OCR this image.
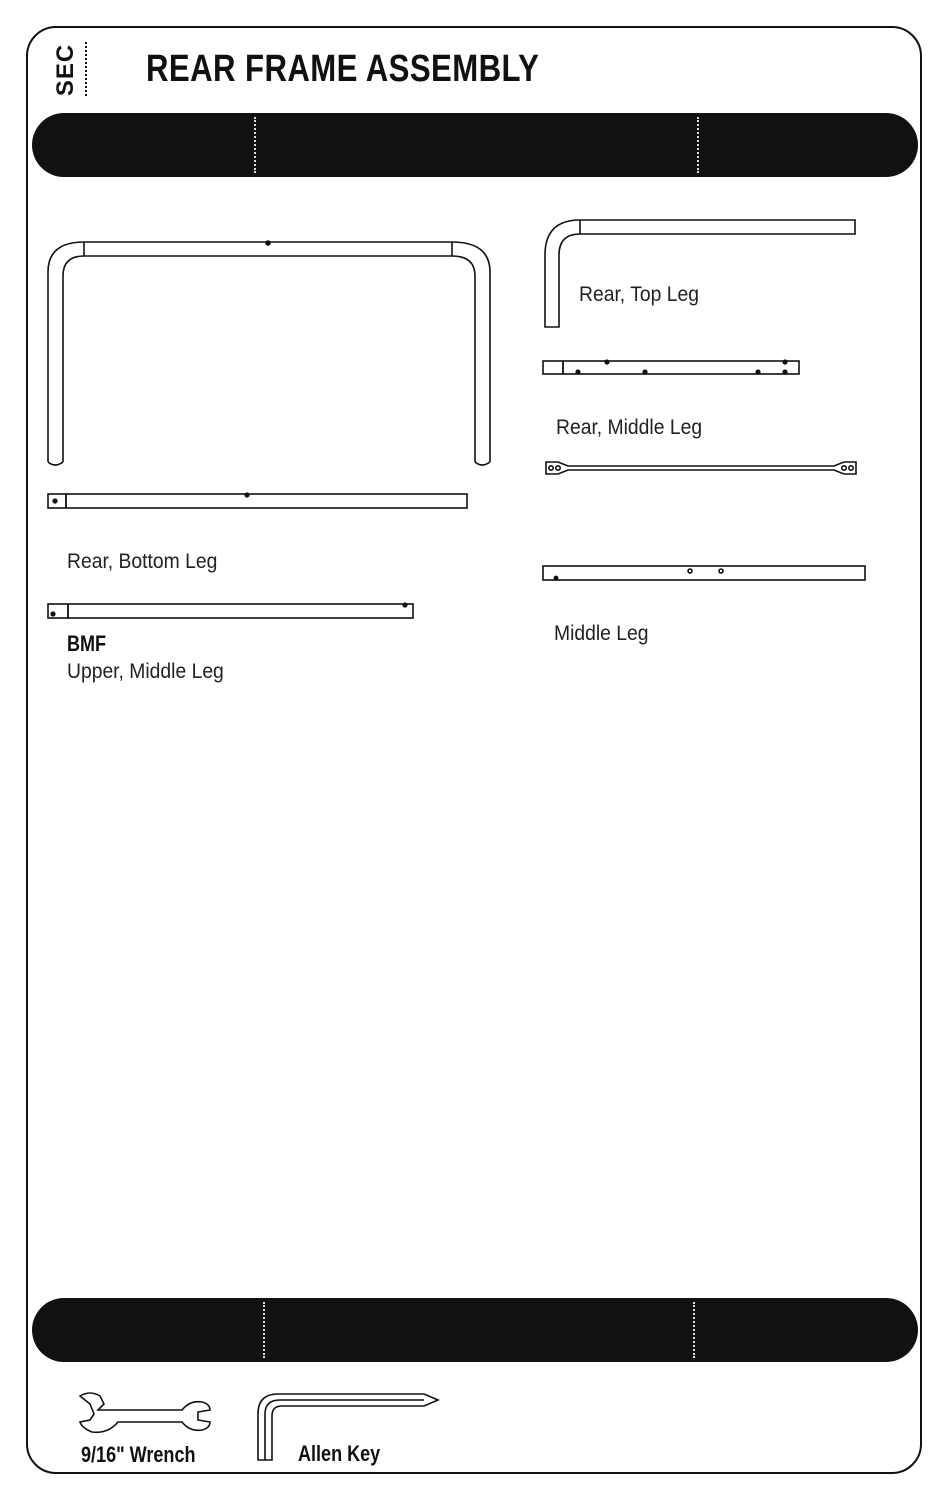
SEC REAR FRAME ASSEMBLY
Rear, Top Leg
Rear, Middle Leg
Rear, Bottom Leg
BMF
Upper, Middle Leg
Middle Leg
9/16" Wrench	Allen Key
